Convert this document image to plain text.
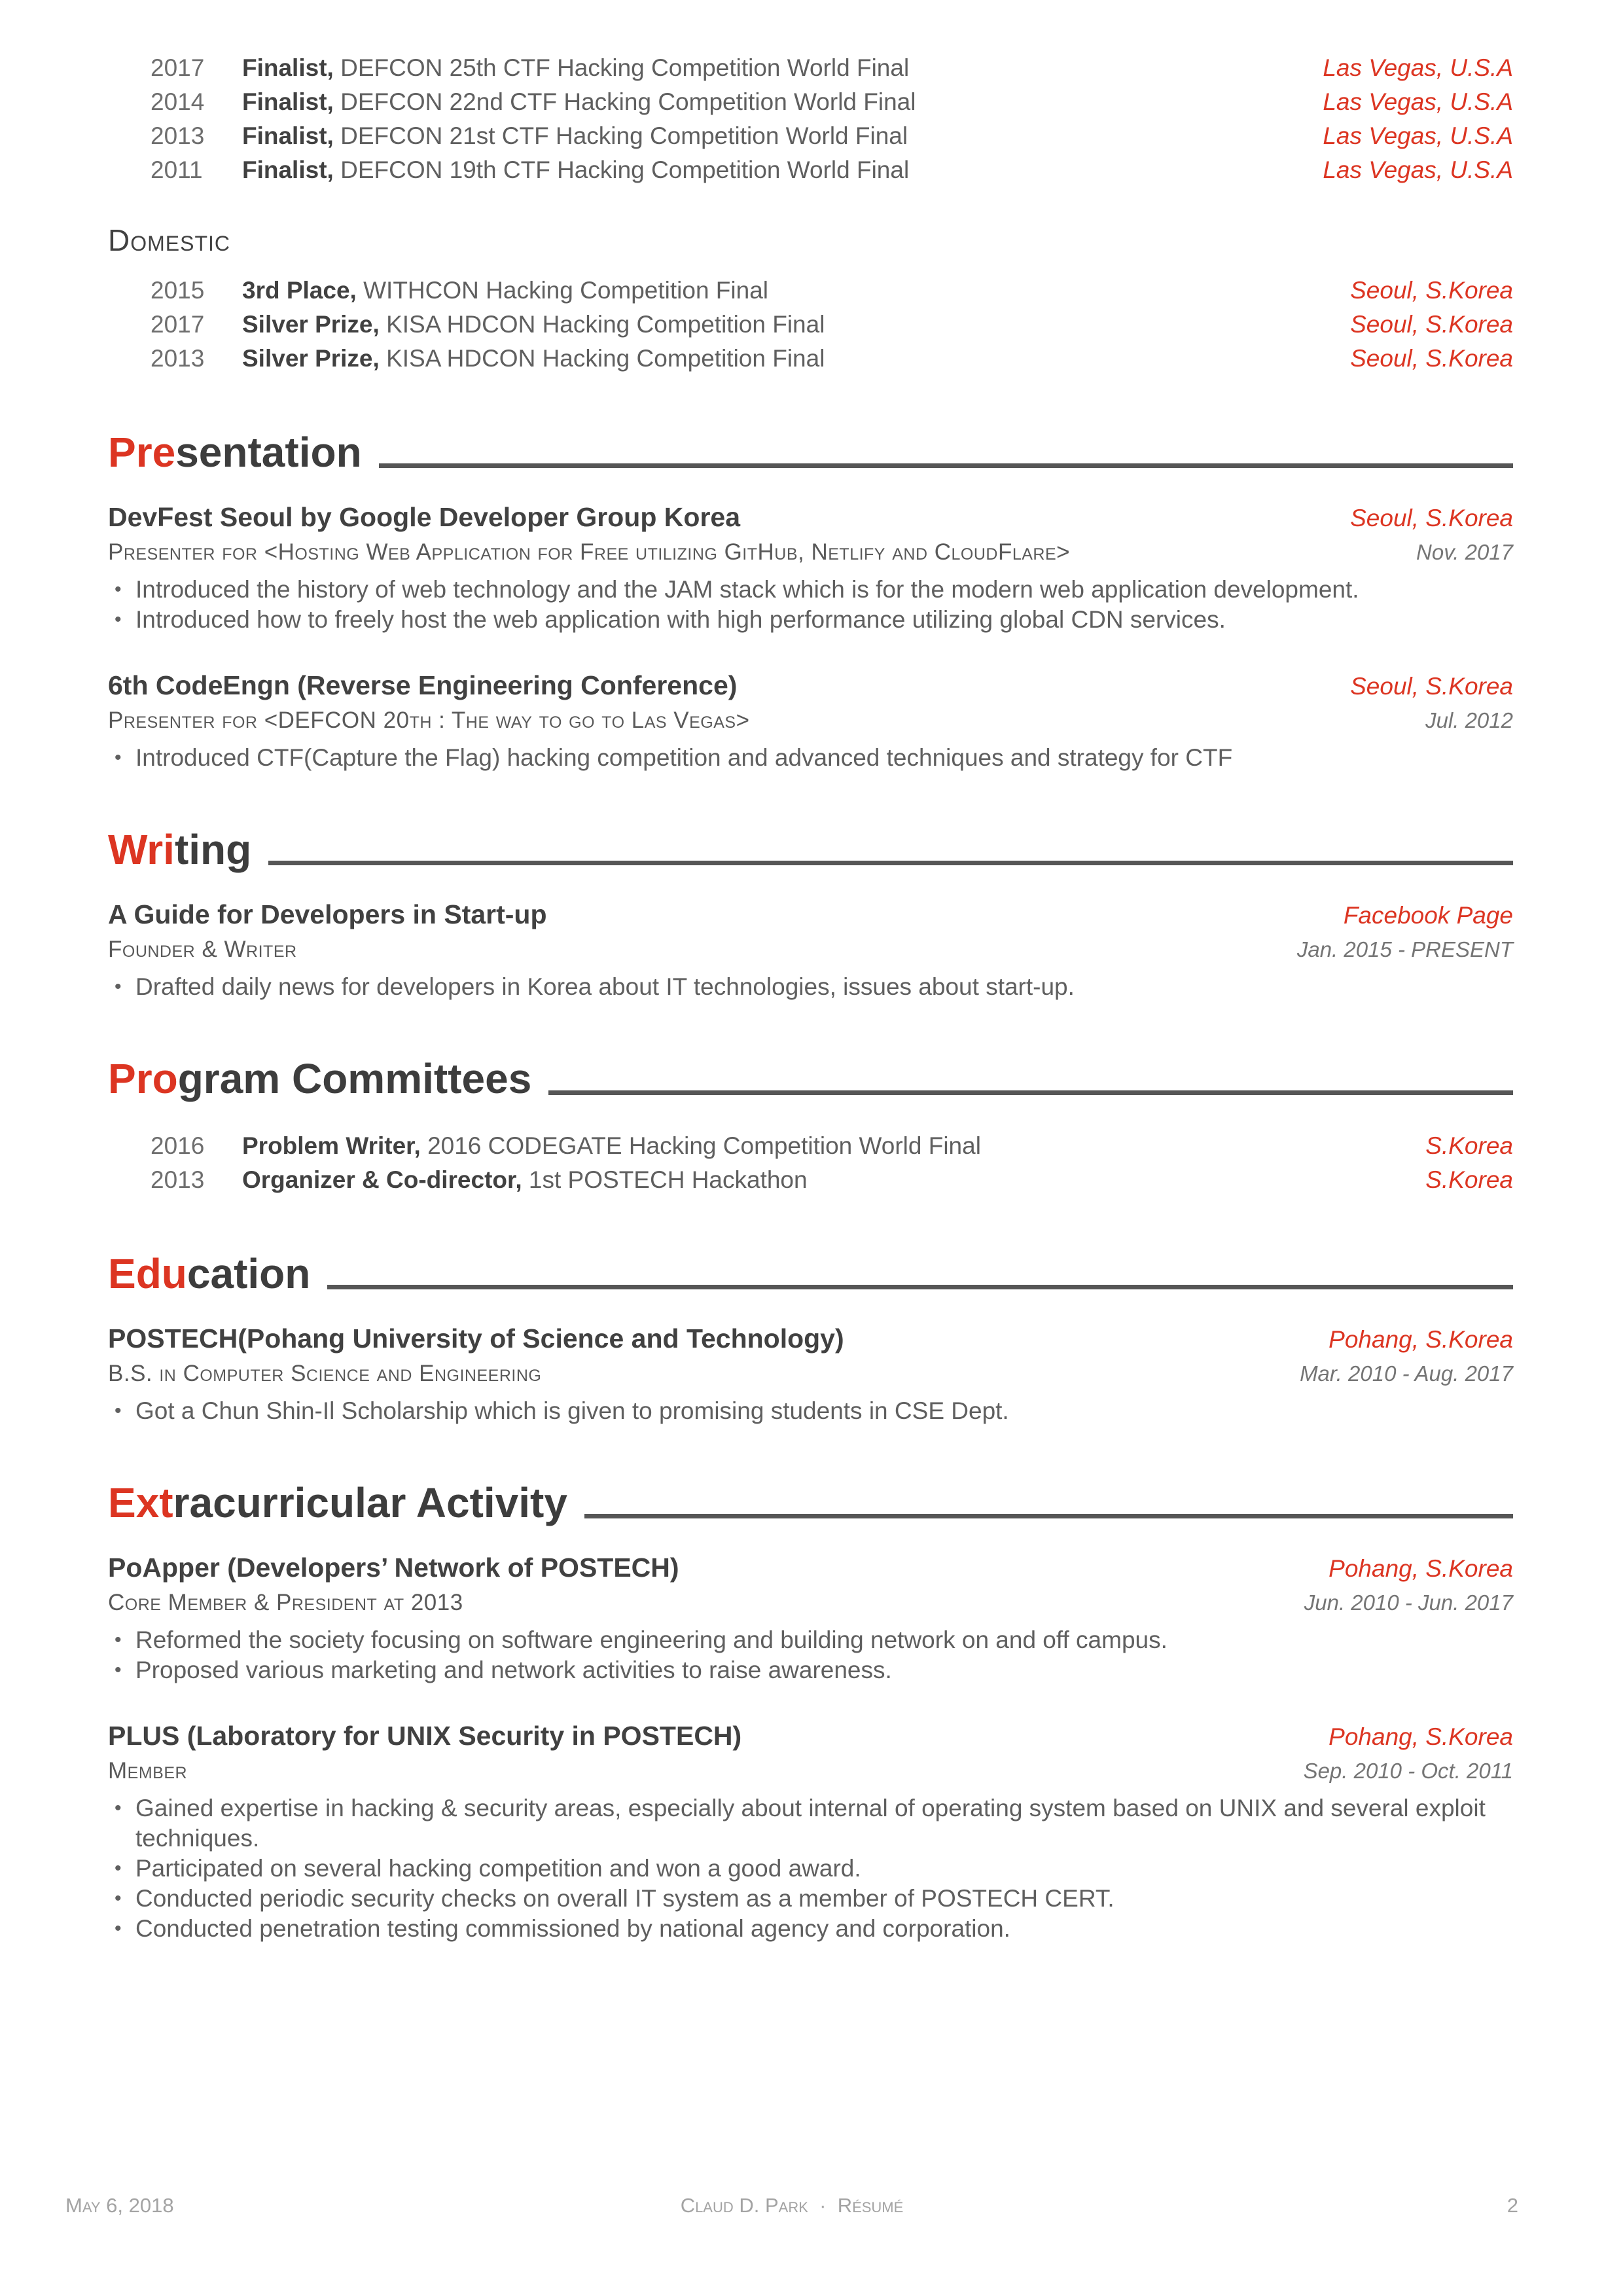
2017	Finalist, DEFCON 25th CTF Hacking Competition World Final	Las Vegas, U.S.A
2014	Finalist, DEFCON 22nd CTF Hacking Competition World Final	Las Vegas, U.S.A
2013	Finalist, DEFCON 21st CTF Hacking Competition World Final	Las Vegas, U.S.A
2011	Finalist, DEFCON 19th CTF Hacking Competition World Final	Las Vegas, U.S.A
Domestic
2015	3rd Place, WITHCON Hacking Competition Final	Seoul, S.Korea
2017	Silver Prize, KISA HDCON Hacking Competition Final	Seoul, S.Korea
2013	Silver Prize, KISA HDCON Hacking Competition Final	Seoul, S.Korea
Presentation
DevFest Seoul by Google Developer Group Korea	Seoul, S.Korea
Presenter for <Hosting Web Application for Free utilizing GitHub, Netlify and CloudFlare>	Nov. 2017
• Introduced the history of web technology and the JAM stack which is for the modern web application development.
• Introduced how to freely host the web application with high performance utilizing global CDN services.
6th CodeEngn (Reverse Engineering Conference)	Seoul, S.Korea
Presenter for <DEFCON 20th : The way to go to Las Vegas>	Jul. 2012
• Introduced CTF(Capture the Flag) hacking competition and advanced techniques and strategy for CTF
Writing
A Guide for Developers in Start-up	Facebook Page
Founder & Writer	Jan. 2015 - PRESENT
• Drafted daily news for developers in Korea about IT technologies, issues about start-up.
Program Committees
2016	Problem Writer, 2016 CODEGATE Hacking Competition World Final	S.Korea
2013	Organizer & Co-director, 1st POSTECH Hackathon	S.Korea
Education
POSTECH(Pohang University of Science and Technology)	Pohang, S.Korea
B.S. in Computer Science and Engineering	Mar. 2010 - Aug. 2017
• Got a Chun Shin-Il Scholarship which is given to promising students in CSE Dept.
Extracurricular Activity
PoApper (Developers’ Network of POSTECH)	Pohang, S.Korea
Core Member & President at 2013	Jun. 2010 - Jun. 2017
• Reformed the society focusing on software engineering and building network on and off campus.
• Proposed various marketing and network activities to raise awareness.
PLUS (Laboratory for UNIX Security in POSTECH)	Pohang, S.Korea
Member	Sep. 2010 - Oct. 2011
• Gained expertise in hacking & security areas, especially about internal of operating system based on UNIX and several exploit techniques.
• Participated on several hacking competition and won a good award.
• Conducted periodic security checks on overall IT system as a member of POSTECH CERT.
• Conducted penetration testing commissioned by national agency and corporation.
May 6, 2018	Claud D. Park  ·  Résumé	2
